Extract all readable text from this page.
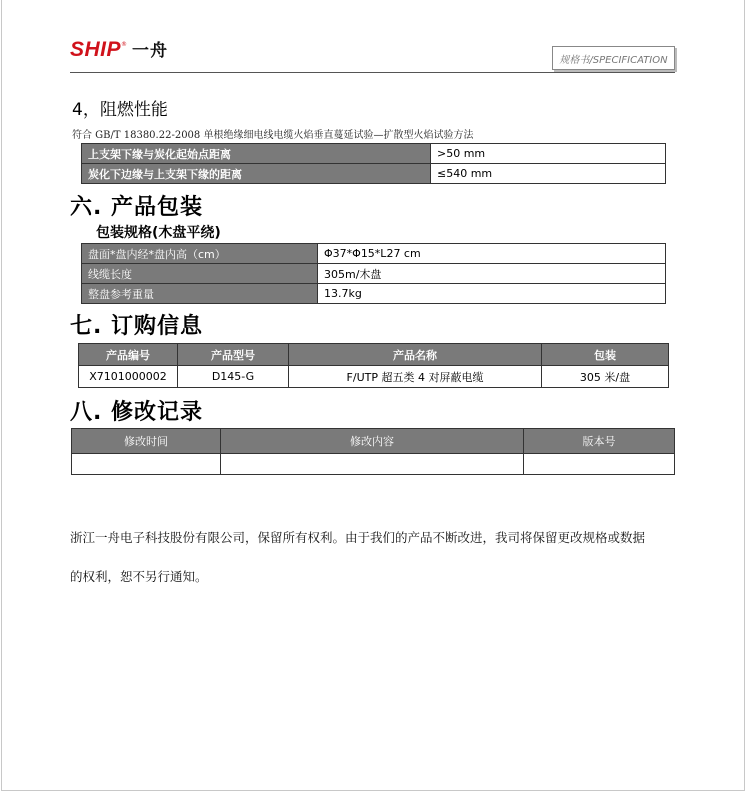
SHIP ® 一舟	规格书/SPECIFICATION
4，阻燃性能
符合 GB/T 18380.22-2008 单根绝缘细电线电缆火焰垂直蔓延试验—扩散型火焰试验方法
上支架下缘与炭化起始点距离	>50 mm
炭化下边缘与上支架下缘的距离	≤540 mm
六. 产品包装
包装规格(木盘平绕)
盘面*盘内经*盘内高（cm）	Φ37*Φ15*L27 cm
线缆长度	305m/木盘
整盘参考重量	13.7kg
七. 订购信息
产品编号	产品型号	产品名称	包装
X7101000002	D145-G	F/UTP 超五类 4 对屏蔽电缆	305 米/盘
八. 修改记录
修改时间	修改内容	版本号

浙江一舟电子科技股份有限公司，保留所有权利。由于我们的产品不断改进，我司将保留更改规格或数据
的权利，恕不另行通知。
